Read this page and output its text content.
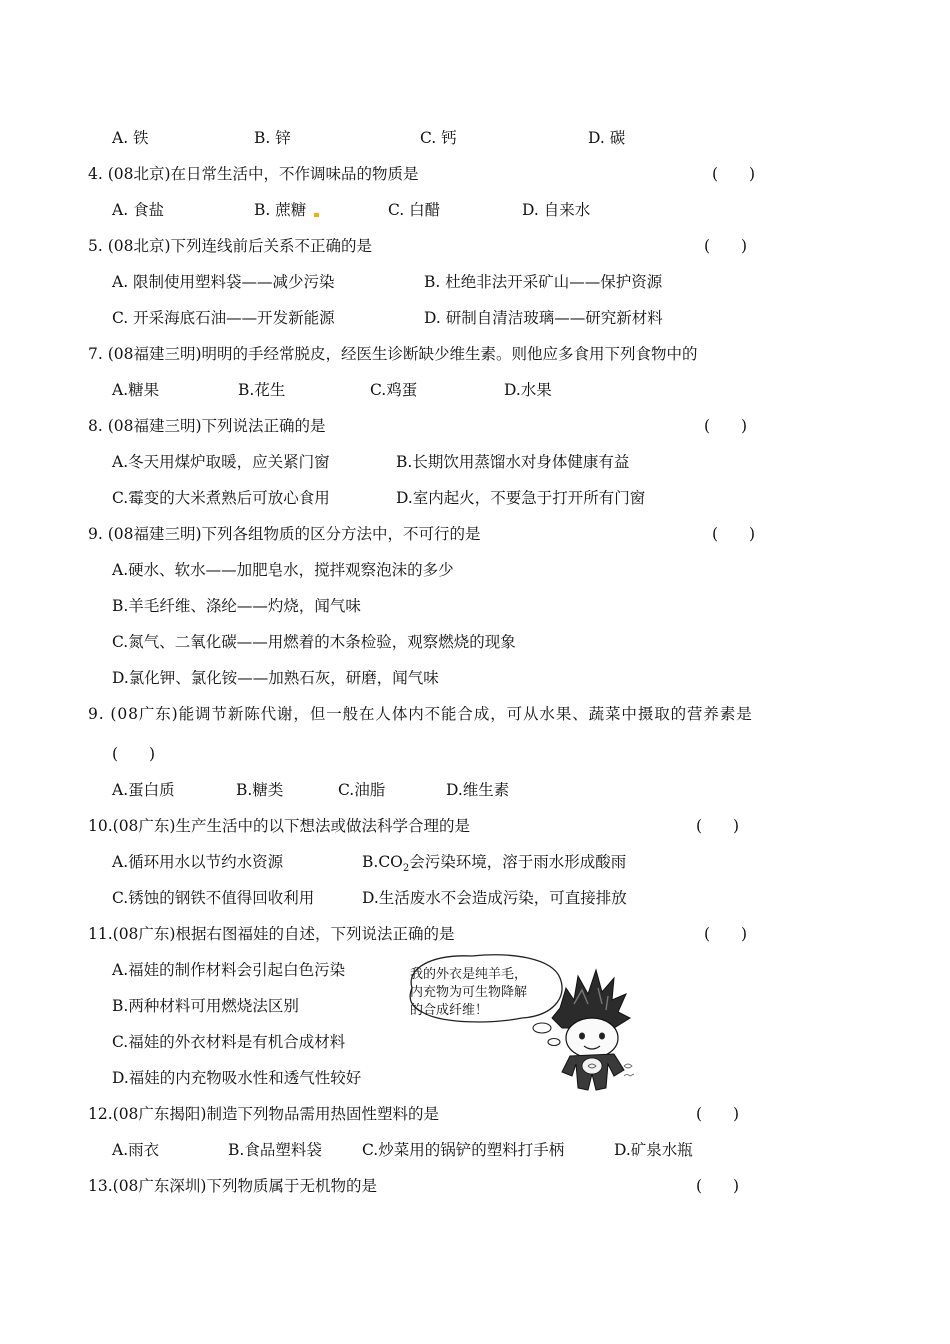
A. 铁	B. 锌	C. 钙	D. 碳
4. (08北京)在日常生活中，不作调味品的物质是	(　　)
A. 食盐	B. 蔗糖	C. 白醋	D. 自来水
5. (08北京)下列连线前后关系不正确的是	(　　)
A. 限制使用塑料袋——减少污染	B. 杜绝非法开采矿山——保护资源
C. 开采海底石油——开发新能源	D. 研制自清洁玻璃——研究新材料
7. (08福建三明)明明的手经常脱皮，经医生诊断缺少维生素。则他应多食用下列食物中的
A.糖果	B.花生	C.鸡蛋	D.水果
8. (08福建三明)下列说法正确的是	(　　)
A.冬天用煤炉取暖，应关紧门窗	B.长期饮用蒸馏水对身体健康有益
C.霉变的大米煮熟后可放心食用	D.室内起火，不要急于打开所有门窗
9. (08福建三明)下列各组物质的区分方法中，不可行的是	(　　)
A.硬水、软水——加肥皂水，搅拌观察泡沫的多少
B.羊毛纤维、涤纶——灼烧，闻气味
C.氮气、二氧化碳——用燃着的木条检验，观察燃烧的现象
D.氯化钾、氯化铵——加熟石灰，研磨，闻气味
9. (08广东)能调节新陈代谢，但一般在人体内不能合成，可从水果、蔬菜中摄取的营养素是
(　　)
A.蛋白质	B.糖类	C.油脂	D.维生素
10.(08广东)生产生活中的以下想法或做法科学合理的是	(　　)
A.循环用水以节约水资源	$B.CO_2$会污染环境，溶于雨水形成酸雨
C.锈蚀的钢铁不值得回收利用	D.生活废水不会造成污染，可直接排放
11.(08广东)根据右图福娃的自述，下列说法正确的是	(　　)
A.福娃的制作材料会引起白色污染
B.两种材料可用燃烧法区别
C.福娃的外衣材料是有机合成材料
D.福娃的内充物吸水性和透气性较好
我的外衣是纯羊毛，
内充物为可生物降解
的合成纤维！
12.(08广东揭阳)制造下列物品需用热固性塑料的是	(　　)
A.雨衣	B.食品塑料袋	C.炒菜用的锅铲的塑料打手柄	D.矿泉水瓶
13.(08广东深圳)下列物质属于无机物的是	(　　)
